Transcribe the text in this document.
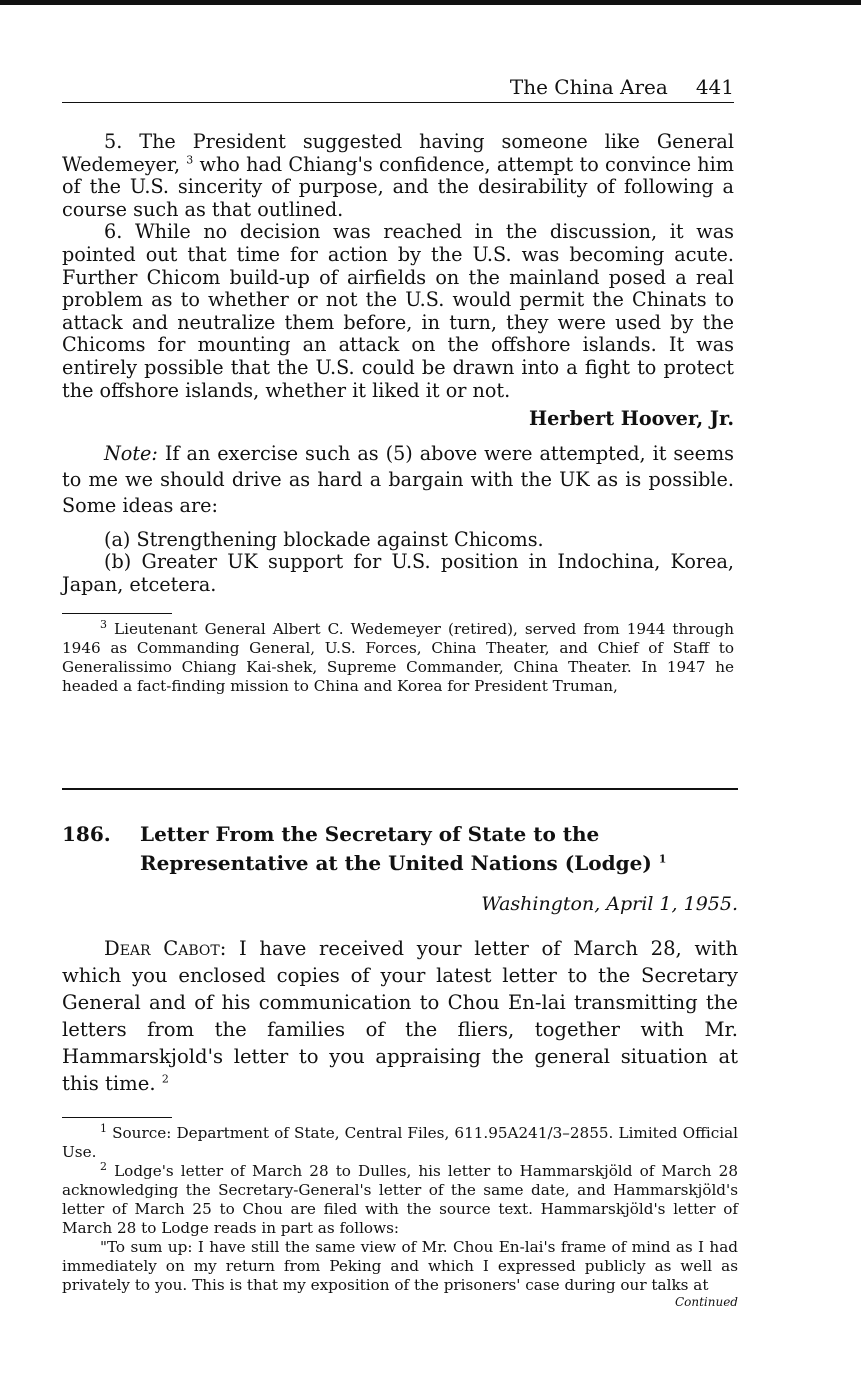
The China Area 441

5. The President suggested having someone like General Wedemeyer, $^3$ who had Chiang's confidence, attempt to convince him of the U.S. sincerity of purpose, and the desirability of following a course such as that outlined.

6. While no decision was reached in the discussion, it was pointed out that time for action by the U.S. was becoming acute. Further Chicom build-up of airfields on the mainland posed a real problem as to whether or not the U.S. would permit the Chinats to attack and neutralize them before, in turn, they were used by the Chicoms for mounting an attack on the offshore islands. It was entirely possible that the U.S. could be drawn into a fight to protect the offshore islands, whether it liked it or not.

Herbert Hoover, Jr.

Note: If an exercise such as (5) above were attempted, it seems to me we should drive as hard a bargain with the UK as is possible. Some ideas are:

(a) Strengthening blockade against Chicoms.

(b) Greater UK support for U.S. position in Indochina, Korea, Japan, etcetera.

$^3$ Lieutenant General Albert C. Wedemeyer (retired), served from 1944 through 1946 as Commanding General, U.S. Forces, China Theater, and Chief of Staff to Generalissimo Chiang Kai-shek, Supreme Commander, China Theater. In 1947 he headed a fact-finding mission to China and Korea for President Truman,

186. Letter From the Secretary of State to the Representative at the United Nations (Lodge) $^1$
Washington, April 1, 1955.

Dear Cabot: I have received your letter of March 28, with which you enclosed copies of your latest letter to the Secretary General and of his communication to Chou En-lai transmitting the letters from the families of the fliers, together with Mr. Hammarskjold's letter to you appraising the general situation at this time. $^2$

$^1$ Source: Department of State, Central Files, 611.95A241/3–2855. Limited Official Use.

$^2$ Lodge's letter of March 28 to Dulles, his letter to Hammarskjöld of March 28 acknowledging the Secretary-General's letter of the same date, and Hammarskjöld's letter of March 25 to Chou are filed with the source text. Hammarskjöld's letter of March 28 to Lodge reads in part as follows:

"To sum up: I have still the same view of Mr. Chou En-lai's frame of mind as I had immediately on my return from Peking and which I expressed publicly as well as privately to you. This is that my exposition of the prisoners' case during our talks at

Continued
